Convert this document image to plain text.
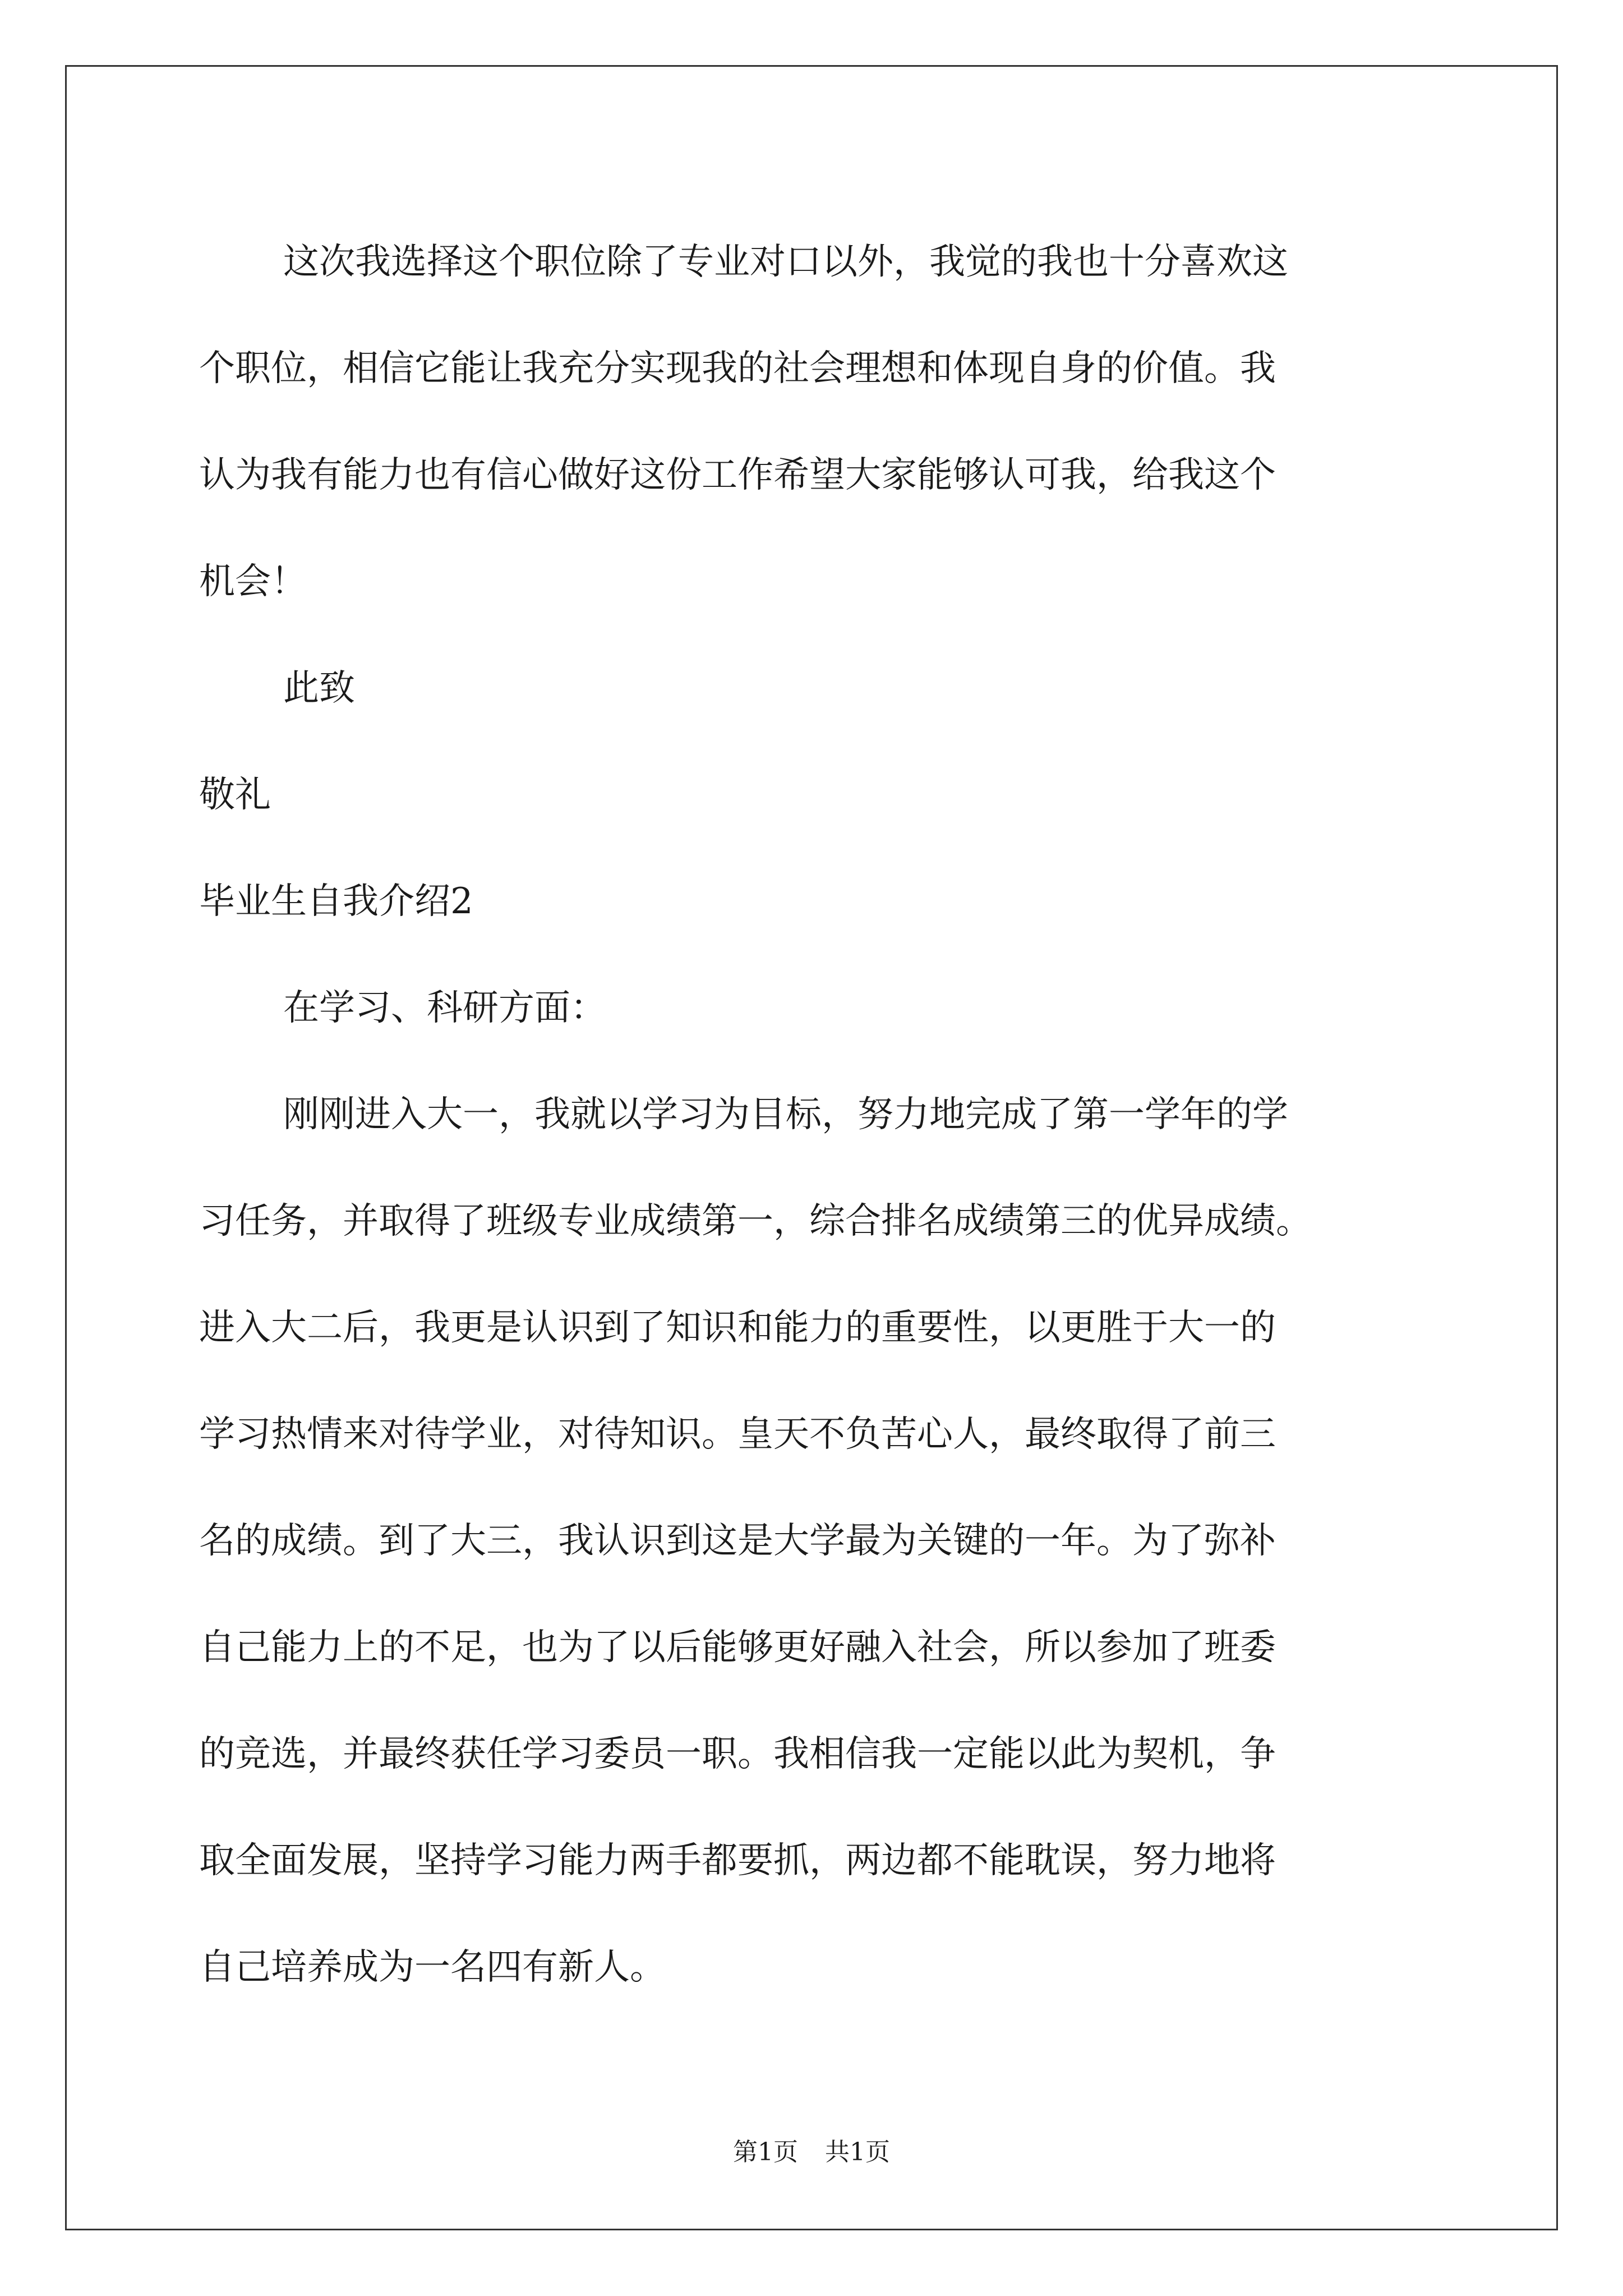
这次我选择这个职位除了专业对口以外，我觉的我也十分喜欢这
个职位，相信它能让我充分实现我的社会理想和体现自身的价值。我
认为我有能力也有信心做好这份工作希望大家能够认可我，给我这个
机会！
此致
敬礼
毕业生自我介绍2
在学习、科研方面：
刚刚进入大一，我就以学习为目标，努力地完成了第一学年的学
习任务，并取得了班级专业成绩第一，综合排名成绩第三的优异成绩。
进入大二后，我更是认识到了知识和能力的重要性，以更胜于大一的
学习热情来对待学业，对待知识。皇天不负苦心人，最终取得了前三
名的成绩。到了大三，我认识到这是大学最为关键的一年。为了弥补
自己能力上的不足，也为了以后能够更好融入社会，所以参加了班委
的竞选，并最终获任学习委员一职。我相信我一定能以此为契机，争
取全面发展，坚持学习能力两手都要抓，两边都不能耽误，努力地将
自己培养成为一名四有新人。
第1页 共1页
